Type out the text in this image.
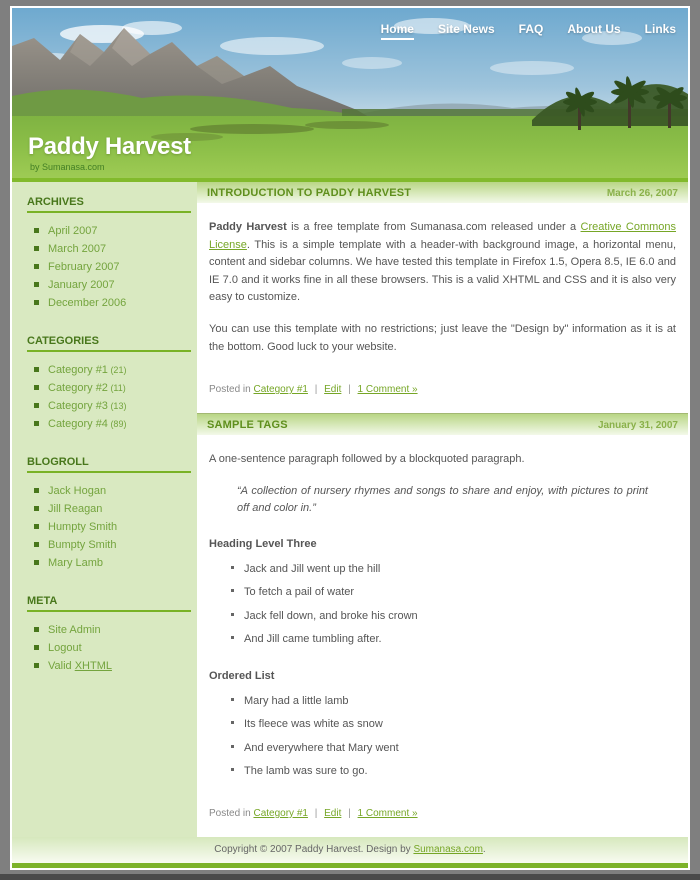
Home Site News FAQ About Us Links
Paddy Harvest
by Sumanasa.com
ARCHIVES
April 2007
March 2007
February 2007
January 2007
December 2006
CATEGORIES
Category #1 (21)
Category #2 (11)
Category #3 (13)
Category #4 (89)
BLOGROLL
Jack Hogan
Jill Reagan
Humpty Smith
Bumpty Smith
Mary Lamb
META
Site Admin
Logout
Valid XHTML
INTRODUCTION TO PADDY HARVEST	March 26, 2007

Paddy Harvest is a free template from Sumanasa.com released under a Creative Commons License. This is a simple template with a header-with background image, a horizontal menu, content and sidebar columns. We have tested this template in Firefox 1.5, Opera 8.5, IE 6.0 and IE 7.0 and it works fine in all these browsers. This is a valid XHTML and CSS and it is also very easy to customize.

You can use this template with no restrictions; just leave the "Design by" information as it is at the bottom. Good luck to your website.

Posted in Category #1 | Edit | 1 Comment »
SAMPLE TAGS	January 31, 2007

A one-sentence paragraph followed by a blockquoted paragraph.

“A collection of nursery rhymes and songs to share and enjoy, with pictures to print off and color in.”
Heading Level Three
Jack and Jill went up the hill
To fetch a pail of water
Jack fell down, and broke his crown
And Jill came tumbling after.
Ordered List
Mary had a little lamb
Its fleece was white as snow
And everywhere that Mary went
The lamb was sure to go.
Posted in Category #1 | Edit | 1 Comment »
Copyright © 2007 Paddy Harvest. Design by Sumanasa.com.
